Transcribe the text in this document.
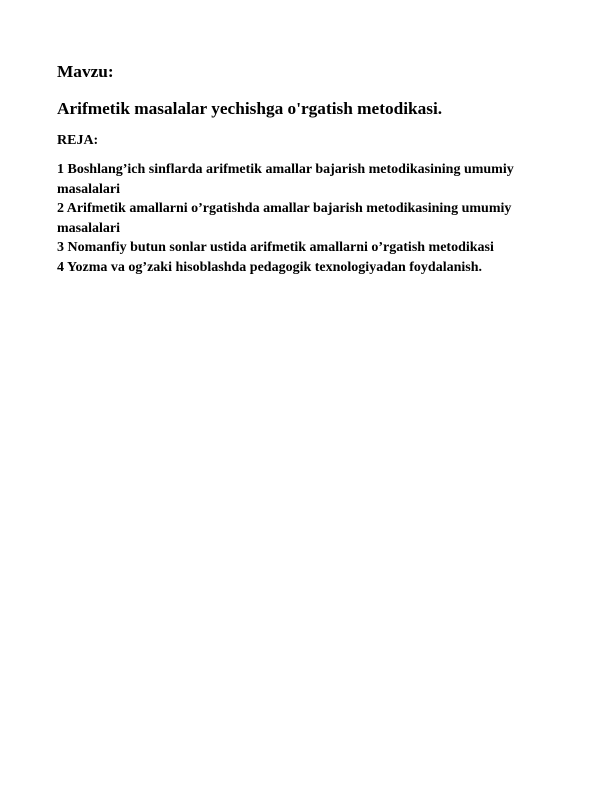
Mavzu:
Arifmetik masalalar yechishga o'rgatish metodikasi.
REJA:
1 Boshlang’ich sinflarda arifmetik amallar bajarish metodikasining umumiy masalalari
2 Arifmetik amallarni o’rgatishda amallar bajarish metodikasining umumiy masalalari
3 Nomanfiy butun sonlar ustida arifmetik amallarni o’rgatish metodikasi
4 Yozma va og’zaki hisoblashda pedagogik texnologiyadan foydalanish.
